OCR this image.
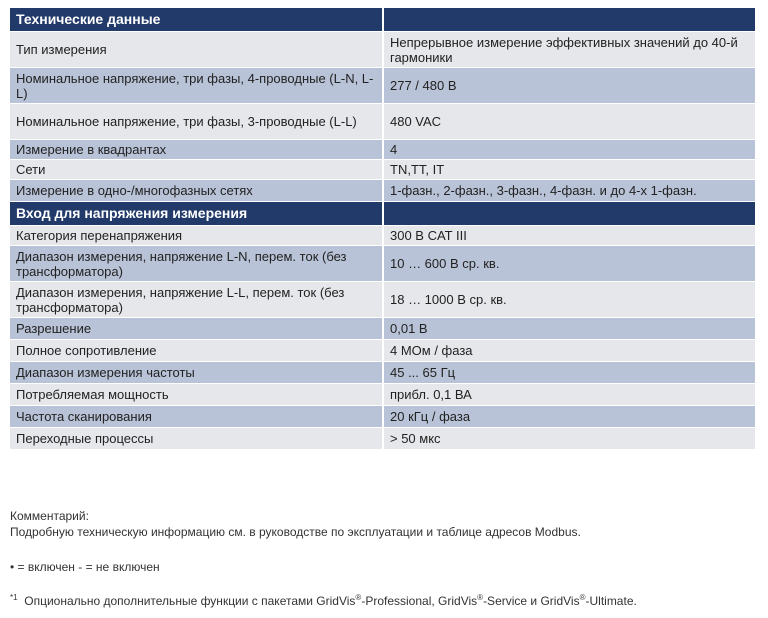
Технические данные	
Тип измерения	Непрерывное измерение эффективных значений до 40-й гармоники
Номинальное напряжение, три фазы, 4-проводные (L-N, L-L)	277 / 480 В
Номинальное напряжение, три фазы, 3-проводные (L-L)	480 VAC
Измерение в квадрантах	4
Сети	TN,TT, IT
Измерение в одно-/многофазных сетях	1-фазн., 2-фазн., 3-фазн., 4-фазн. и до 4-х 1-фазн.
Вход для напряжения измерения	
Категория перенапряжения	300 В CAT III
Диапазон измерения, напряжение L-N, перем. ток (без трансформатора)	10 … 600 В ср. кв.
Диапазон измерения, напряжение L-L, перем. ток (без трансформатора)	18 … 1000 В ср. кв.
Разрешение	0,01 В
Полное сопротивление	4 МОм / фаза
Диапазон измерения частоты	45 ... 65 Гц
Потребляемая мощность	прибл. 0,1 ВА
Частота сканирования	20 кГц / фаза
Переходные процессы	> 50 мкс

Комментарий:

Подробную техническую информацию см. в руководстве по эксплуатации и таблице адресов Modbus.

• = включен - = не включен

$^{*1}$ Опционально дополнительные функции с пакетами GridVis®-Professional, GridVis®-Service и GridVis®-Ultimate.
